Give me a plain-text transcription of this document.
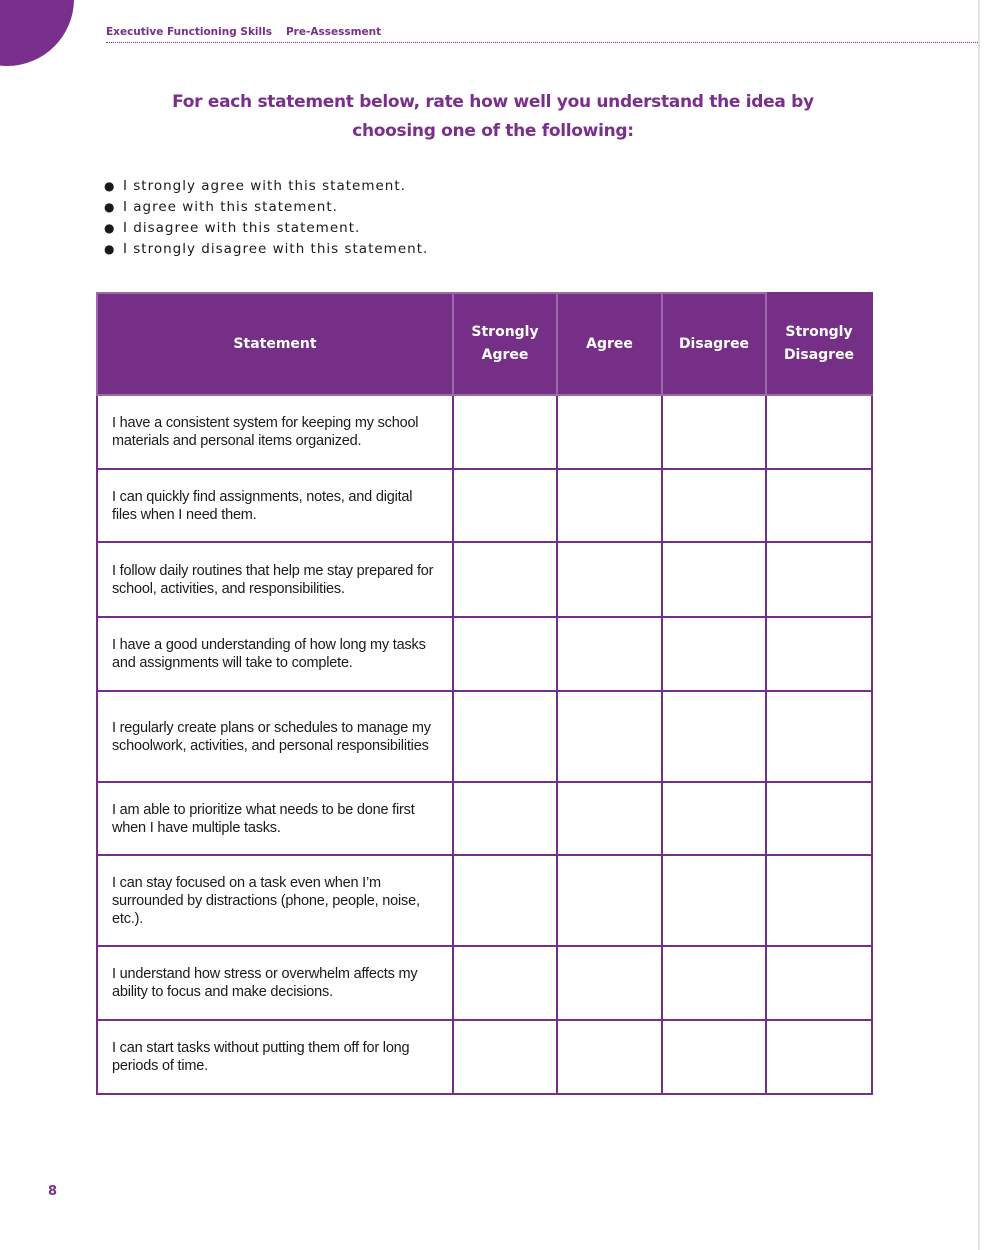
Executive Functioning Skills Pre-Assessment
For each statement below, rate how well you understand the idea by
choosing one of the following:
● I strongly agree with this statement.
● I agree with this statement.
● I disagree with this statement.
● I strongly disagree with this statement.
Statement	Strongly Agree	Agree	Disagree	Strongly Disagree
I have a consistent system for keeping my school materials and personal items organized.				
I can quickly find assignments, notes, and digital files when I need them.				
I follow daily routines that help me stay prepared for school, activities, and responsibilities.				
I have a good understanding of how long my tasks and assignments will take to complete.				
I regularly create plans or schedules to manage my schoolwork, activities, and personal responsibilities				
I am able to prioritize what needs to be done first when I have multiple tasks.				
I can stay focused on a task even when I’m surrounded by distractions (phone, people, noise, etc.).				
I understand how stress or overwhelm affects my ability to focus and make decisions.				
I can start tasks without putting them off for long periods of time.				
8
